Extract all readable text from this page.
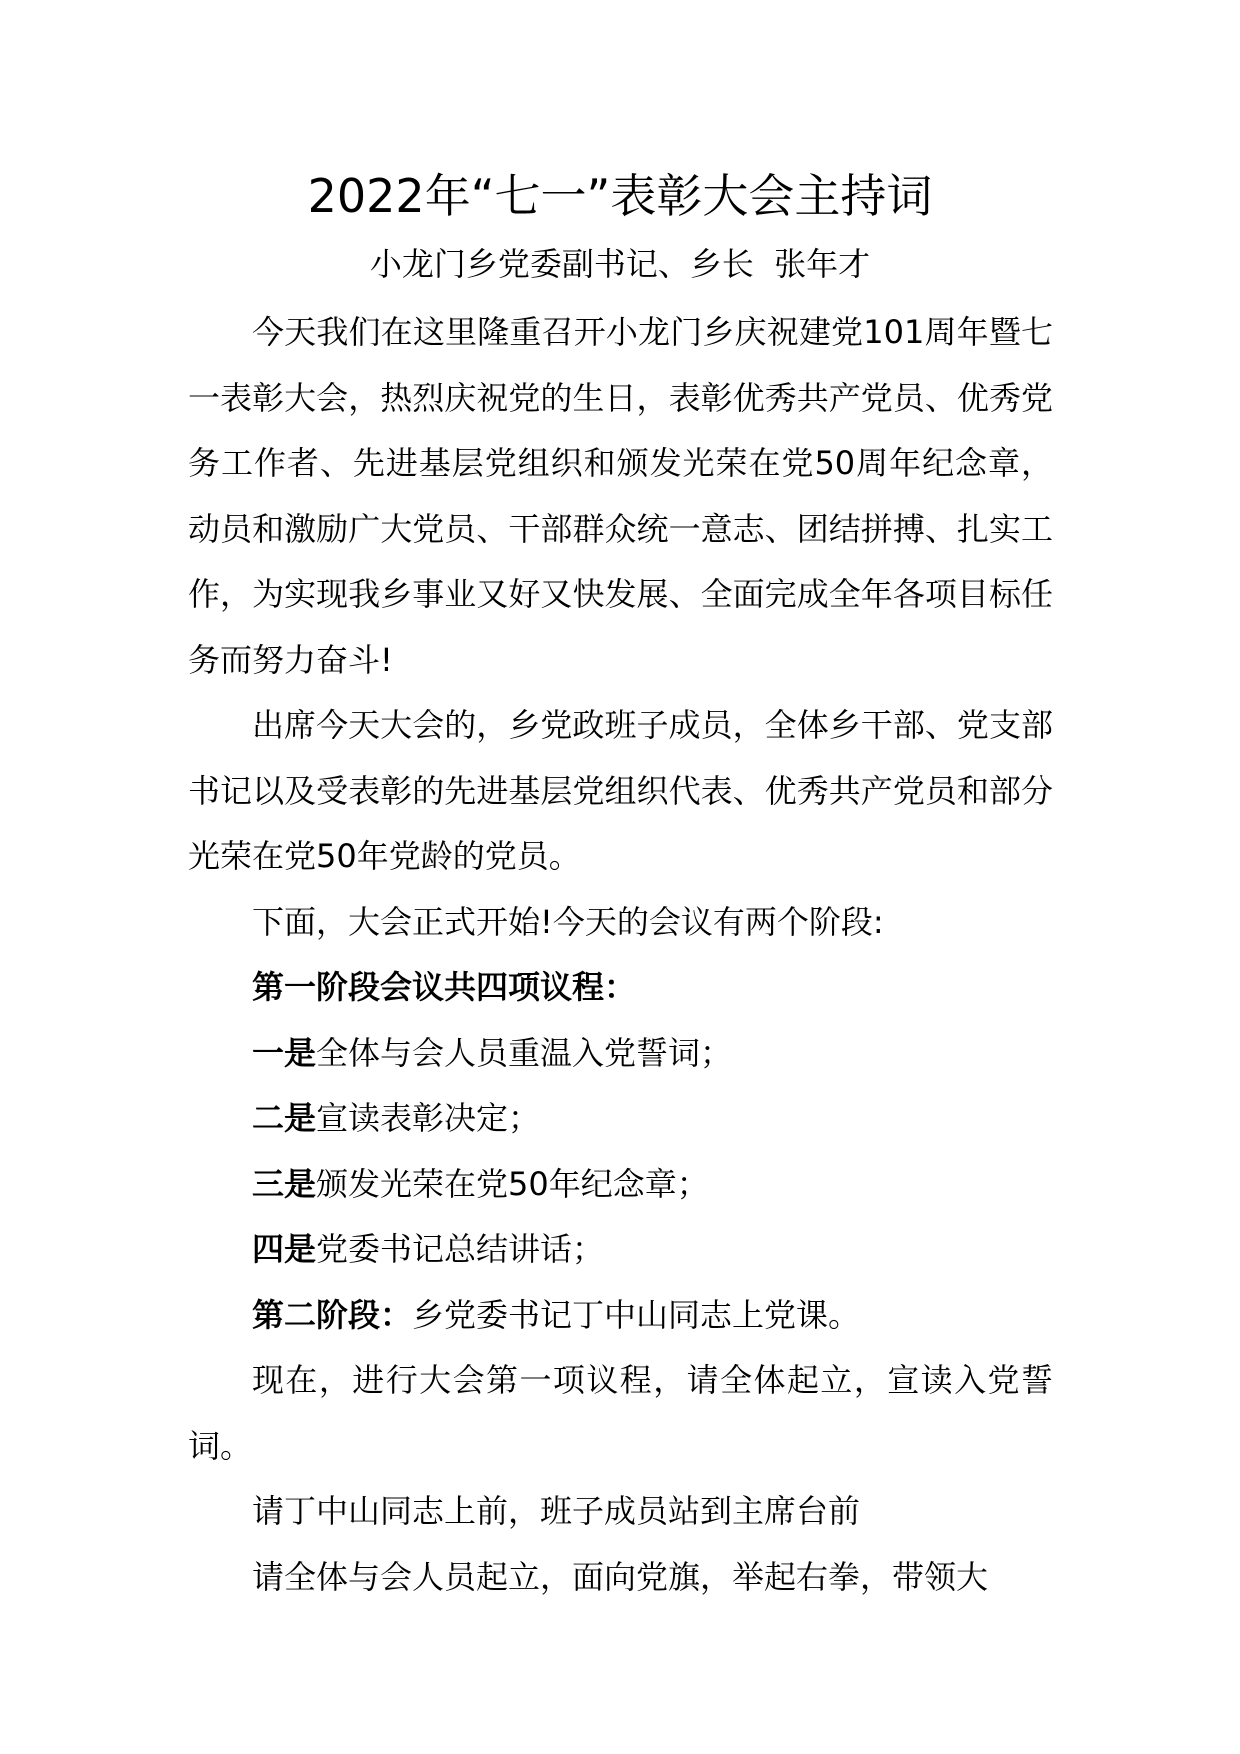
2022年“七一”表彰大会主持词
小龙门乡党委副书记、乡长  张年才

今天我们在这里隆重召开小龙门乡庆祝建党101周年暨七一表彰大会，热烈庆祝党的生日，表彰优秀共产党员、优秀党务工作者、先进基层党组织和颁发光荣在党50周年纪念章，动员和激励广大党员、干部群众统一意志、团结拼搏、扎实工作，为实现我乡事业又好又快发展、全面完成全年各项目标任务而努力奋斗!

出席今天大会的，乡党政班子成员，全体乡干部、党支部书记以及受表彰的先进基层党组织代表、优秀共产党员和部分光荣在党50年党龄的党员。

下面，大会正式开始!今天的会议有两个阶段:

第一阶段会议共四项议程：

一是全体与会人员重温入党誓词；

二是宣读表彰决定；

三是颁发光荣在党50年纪念章；

四是党委书记总结讲话；

第二阶段：乡党委书记丁中山同志上党课。

现在，进行大会第一项议程，请全体起立，宣读入党誓词。

请丁中山同志上前，班子成员站到主席台前

请全体与会人员起立，面向党旗，举起右拳，带领大
